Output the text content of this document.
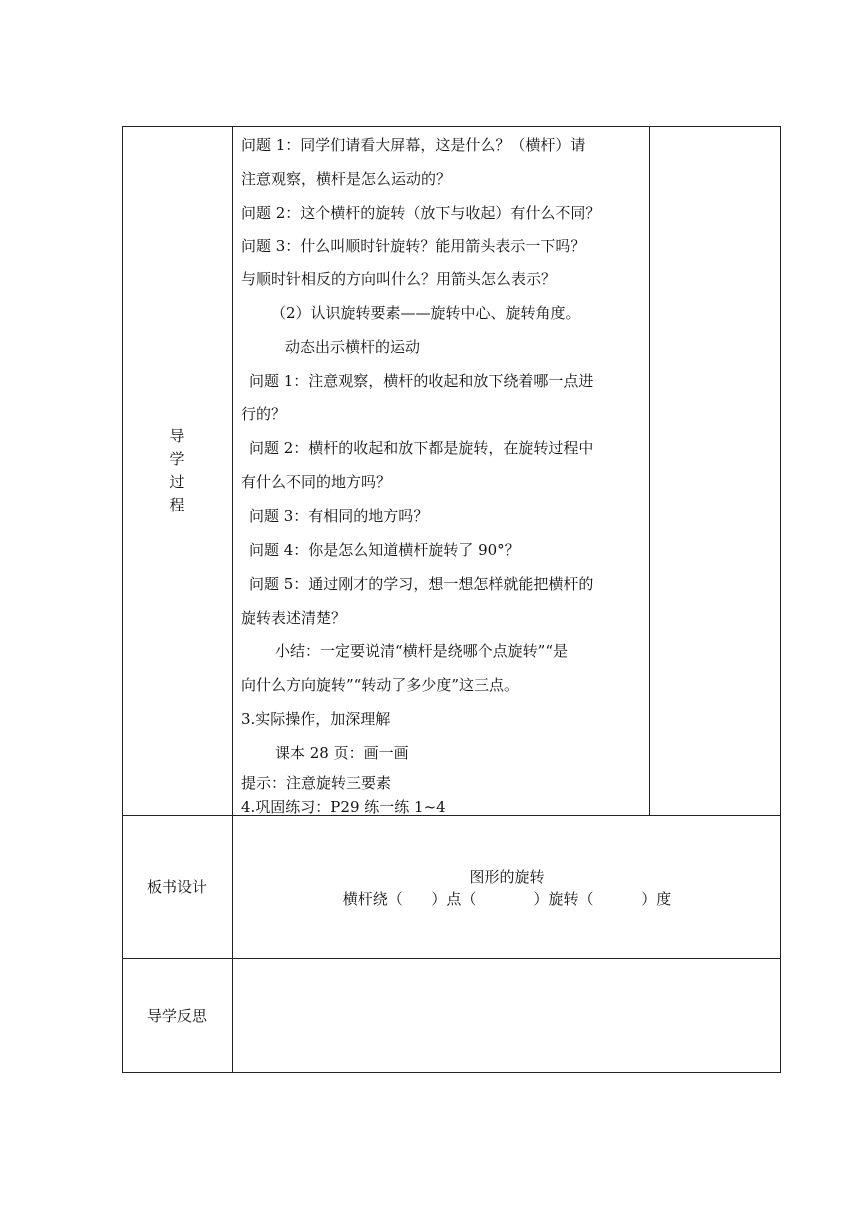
导
学
过
程

问题 1：同学们请看大屏幕，这是什么？（横杆）请

注意观察，横杆是怎么运动的？

问题 2：这个横杆的旋转（放下与收起）有什么不同？

问题 3：什么叫顺时针旋转？能用箭头表示一下吗？

与顺时针相反的方向叫什么？用箭头怎么表示？

（2）认识旋转要素——旋转中心、旋转角度。

动态出示横杆的运动

问题 1：注意观察，横杆的收起和放下绕着哪一点进

行的？

问题 2：横杆的收起和放下都是旋转，在旋转过程中

有什么不同的地方吗？

问题 3：有相同的地方吗？

问题 4：你是怎么知道横杆旋转了 90°？

问题 5：通过刚才的学习，想一想怎样就能把横杆的

旋转表述清楚？

小结：一定要说清“横杆是绕哪个点旋转”“是

向什么方向旋转”“转动了多少度”这三点。

3.实际操作，加深理解

课本 28 页：画一画

提示：注意旋转三要素

4.巩固练习：P29 练一练 1~4

板书设计
图形的旋转
横杆绕（      ）点（            ）旋转（          ）度
导学反思
